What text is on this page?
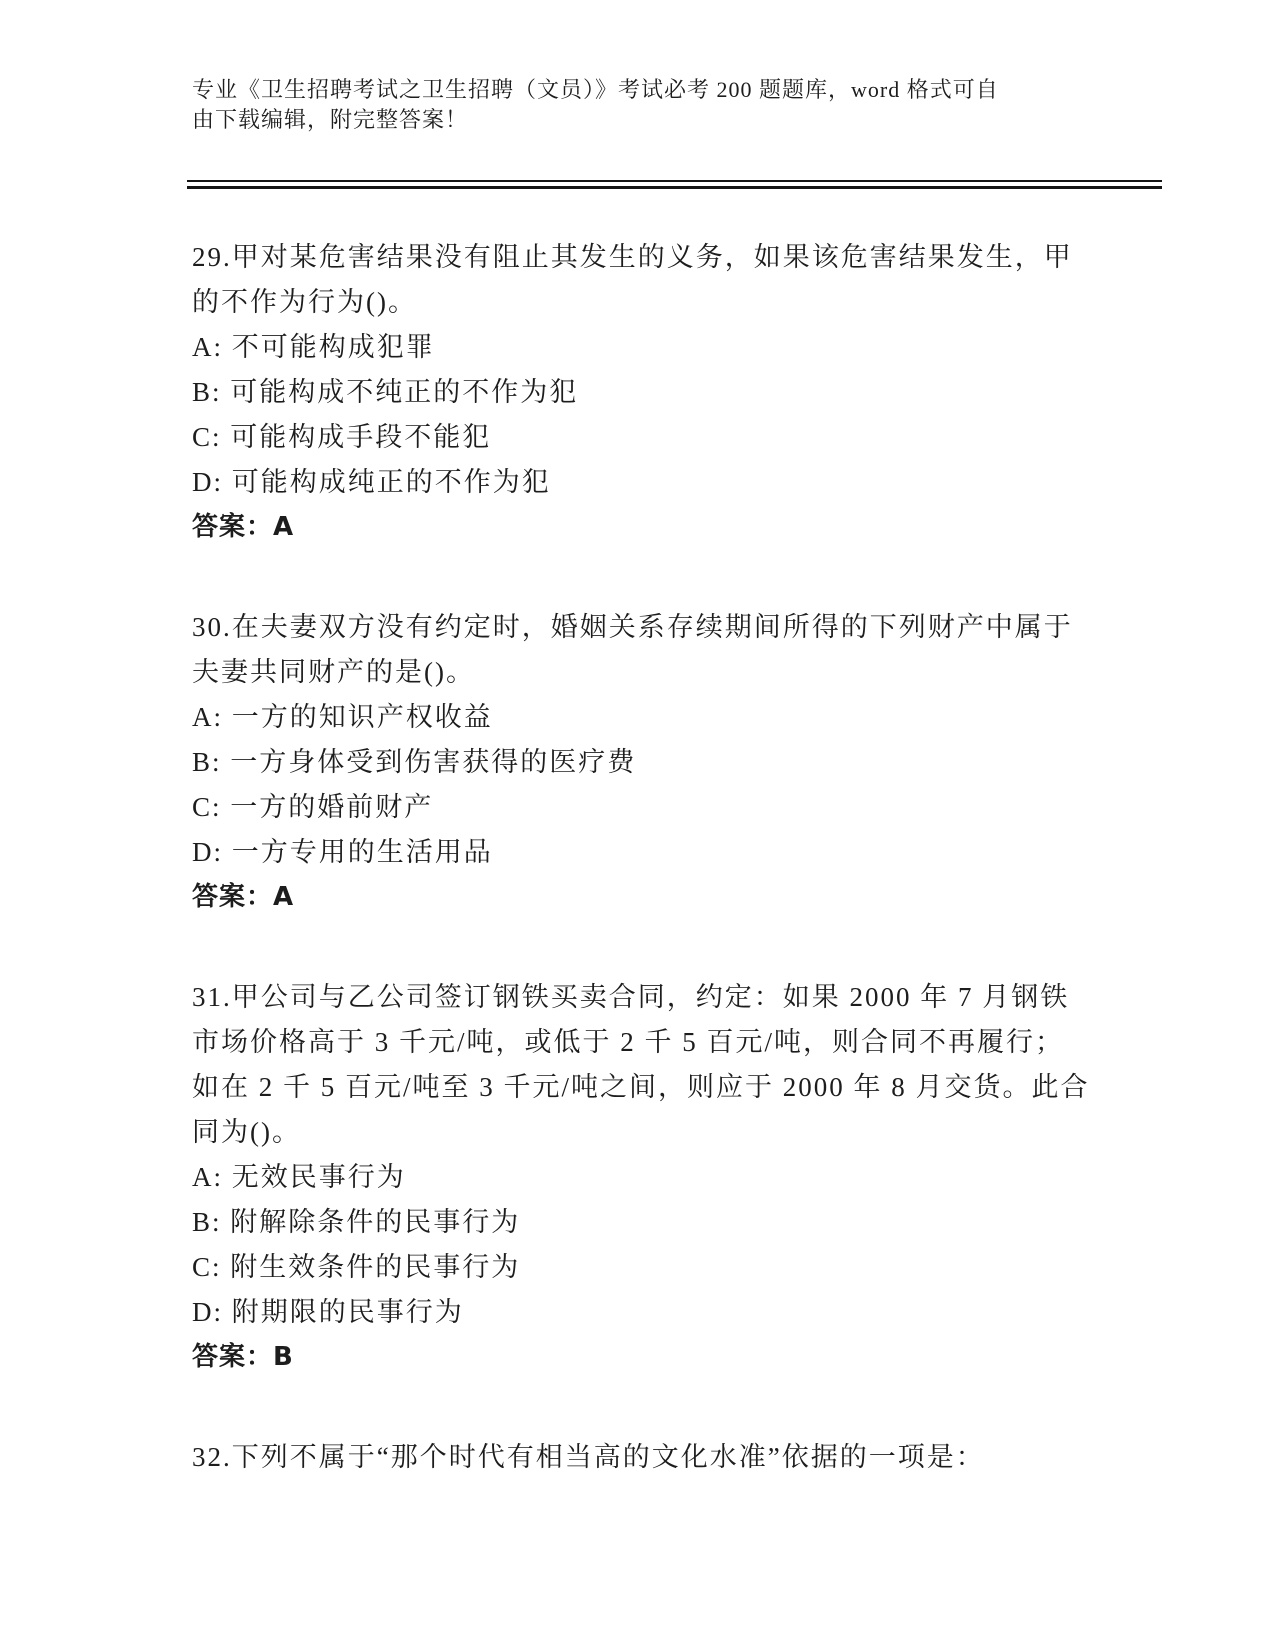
专业《卫生招聘考试之卫生招聘（文员）》考试必考 200 题题库，word 格式可自
由下载编辑，附完整答案！
29.甲对某危害结果没有阻止其发生的义务，如果该危害结果发生，甲
的不作为行为()。
A: 不可能构成犯罪
B: 可能构成不纯正的不作为犯
C: 可能构成手段不能犯
D: 可能构成纯正的不作为犯
答案：A
30.在夫妻双方没有约定时，婚姻关系存续期间所得的下列财产中属于
夫妻共同财产的是()。
A: 一方的知识产权收益
B: 一方身体受到伤害获得的医疗费
C: 一方的婚前财产
D: 一方专用的生活用品
答案：A
31.甲公司与乙公司签订钢铁买卖合同，约定：如果 2000 年 7 月钢铁
市场价格高于 3 千元/吨，或低于 2 千 5 百元/吨，则合同不再履行；
如在 2 千 5 百元/吨至 3 千元/吨之间，则应于 2000 年 8 月交货。此合
同为()。
A: 无效民事行为
B: 附解除条件的民事行为
C: 附生效条件的民事行为
D: 附期限的民事行为
答案：B
32.下列不属于“那个时代有相当高的文化水准”依据的一项是：
